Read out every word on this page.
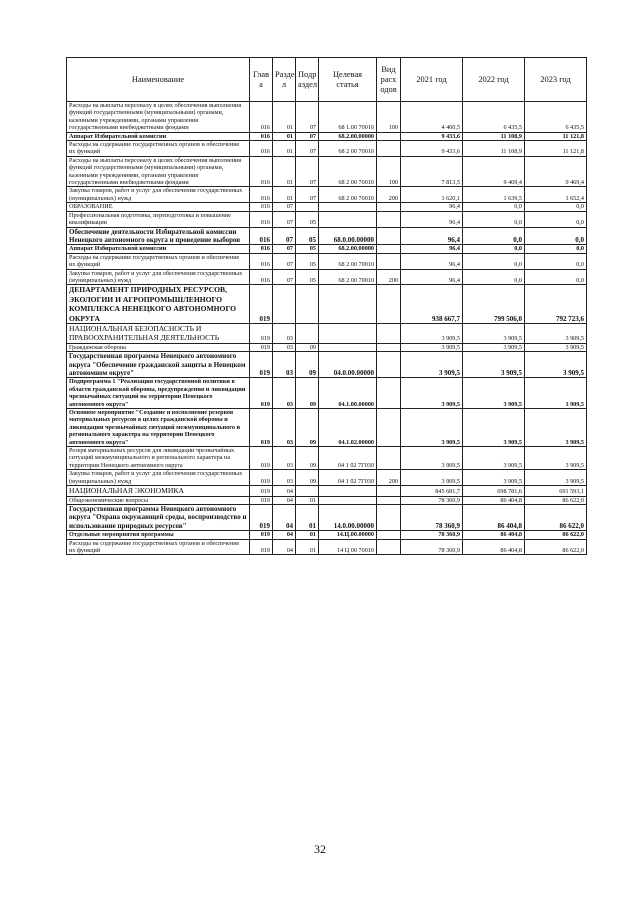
Наименование	Глав а	Разде л	Подр аздел	Целевая статья	Вид расх одов	2021 год	2022 год	2023 год
Расходы на выплаты персоналу в целях обеспечения выполнения функций государственными (муниципальными) органами, казенными учреждениями, органами управления государственными внебюджетными фондами	016	01	07	68 1.00 70010	100	4 460,5	6 435,5	6 435,5
Аппарат Избирательной комиссии	016	01	07	68.2.00.00000		9 433,6	11 108,9	11 121,8
Расходы на содержание государственных органов и обеспечение их функций	016	01	07	68 2 00 70010		9 433,6	11 108,9	11 121,8
Расходы на выплаты персоналу в целях обеспечения выполнения функций государственными (муниципальными) органами, казенными учреждениями, органами управления государственными внебюджетными фондами	016	01	07	68 2 00 70010	100	7 813,5	9 469,4	9 469,4
Закупка товаров, работ и услуг для обеспечения государственных (муниципальных) нужд	016	01	07	68 2 00 70010	200	1 620,1	1 639,5	1 652,4
ОБРАЗОВАНИЕ	016	07				96,4	0,0	0,0
Профессиональная подготовка, переподготовка и повышение квалификации	016	07	05			96,4	0,0	0,0
Обеспечение деятельности Избирательной комиссии Ненецкого автономного округа и проведение выборов	016	07	05	68.0.00.00000		96,4	0,0	0,0
Аппарат Избирательной комиссии	016	07	05	68.2.00.00000		96,4	0,0	0,0
Расходы на содержание государственных органов и обеспечение их функций	016	07	05	68 2 00 70010		96,4	0,0	0,0
Закупка товаров, работ и услуг для обеспечения государственных (муниципальных) нужд	016	07	05	68 2 00 70010	200	96,4	0,0	0,0
ДЕПАРТАМЕНТ ПРИРОДНЫХ РЕСУРСОВ, ЭКОЛОГИИ И АГРОПРОМЫШЛЕННОГО КОМПЛЕКСА НЕНЕЦКОГО АВТОНОМНОГО ОКРУГА	019					938 667,7	799 506,0	792 723,6
НАЦИОНАЛЬНАЯ БЕЗОПАСНОСТЬ И ПРАВООХРАНИТЕЛЬНАЯ ДЕЯТЕЛЬНОСТЬ	019	03				3 909,5	3 909,5	3 909,5
Гражданская оборона	019	03	09			3 909,5	3 909,5	3 909,5
Государственная программа Ненецкого автономного округа "Обеспечение гражданской защиты в Ненецком автономном округе"	019	03	09	04.0.00.00000		3 909,5	3 909,5	3 909,5
Подпрограмма 1 "Реализация государственной политики в области гражданской обороны, предупреждения и ликвидации чрезвычайных ситуаций на территории Ненецкого автономного округа"	019	03	09	04.1.00.00000		3 909,5	3 909,5	3 909,5
Основное мероприятие "Создание и восполнение резервов материальных ресурсов в целях гражданской обороны и ликвидации чрезвычайных ситуаций межмуниципального и регионального характера на территории Ненецкого автономного округа"	019	03	09	04.1.02.00000		3 909,5	3 909,5	3 909,5
Резерв материальных ресурсов для ликвидации чрезвычайных ситуаций межмуниципального и регионального характера на территории Ненецкого автономного округа	019	03	09	04 1 02 7Г030		3 909,5	3 909,5	3 909,5
Закупка товаров, работ и услуг для обеспечения государственных (муниципальных) нужд	019	03	09	04 1 02 7Г030	200	3 909,5	3 909,5	3 909,5
НАЦИОНАЛЬНАЯ ЭКОНОМИКА	019	04				845 681,7	698 781,6	691 593,1
Общеэкономические вопросы	019	04	01			78 360,9	86 404,8	86 622,0
Государственная программа Ненецкого автономного округа "Охрана окружающей среды, воспроизводство и использование природных ресурсов"	019	04	01	14.0.00.00000		78 360,9	86 404,8	86 622,0
Отдельные мероприятия программы	019	04	01	14.Ц.00.00000		78 360,9	86 404,8	86 622,0
Расходы на содержание государственных органов и обеспечение их функций	019	04	01	14 Ц 00 70010		78 360,9	86 404,8	86 622,0
32
